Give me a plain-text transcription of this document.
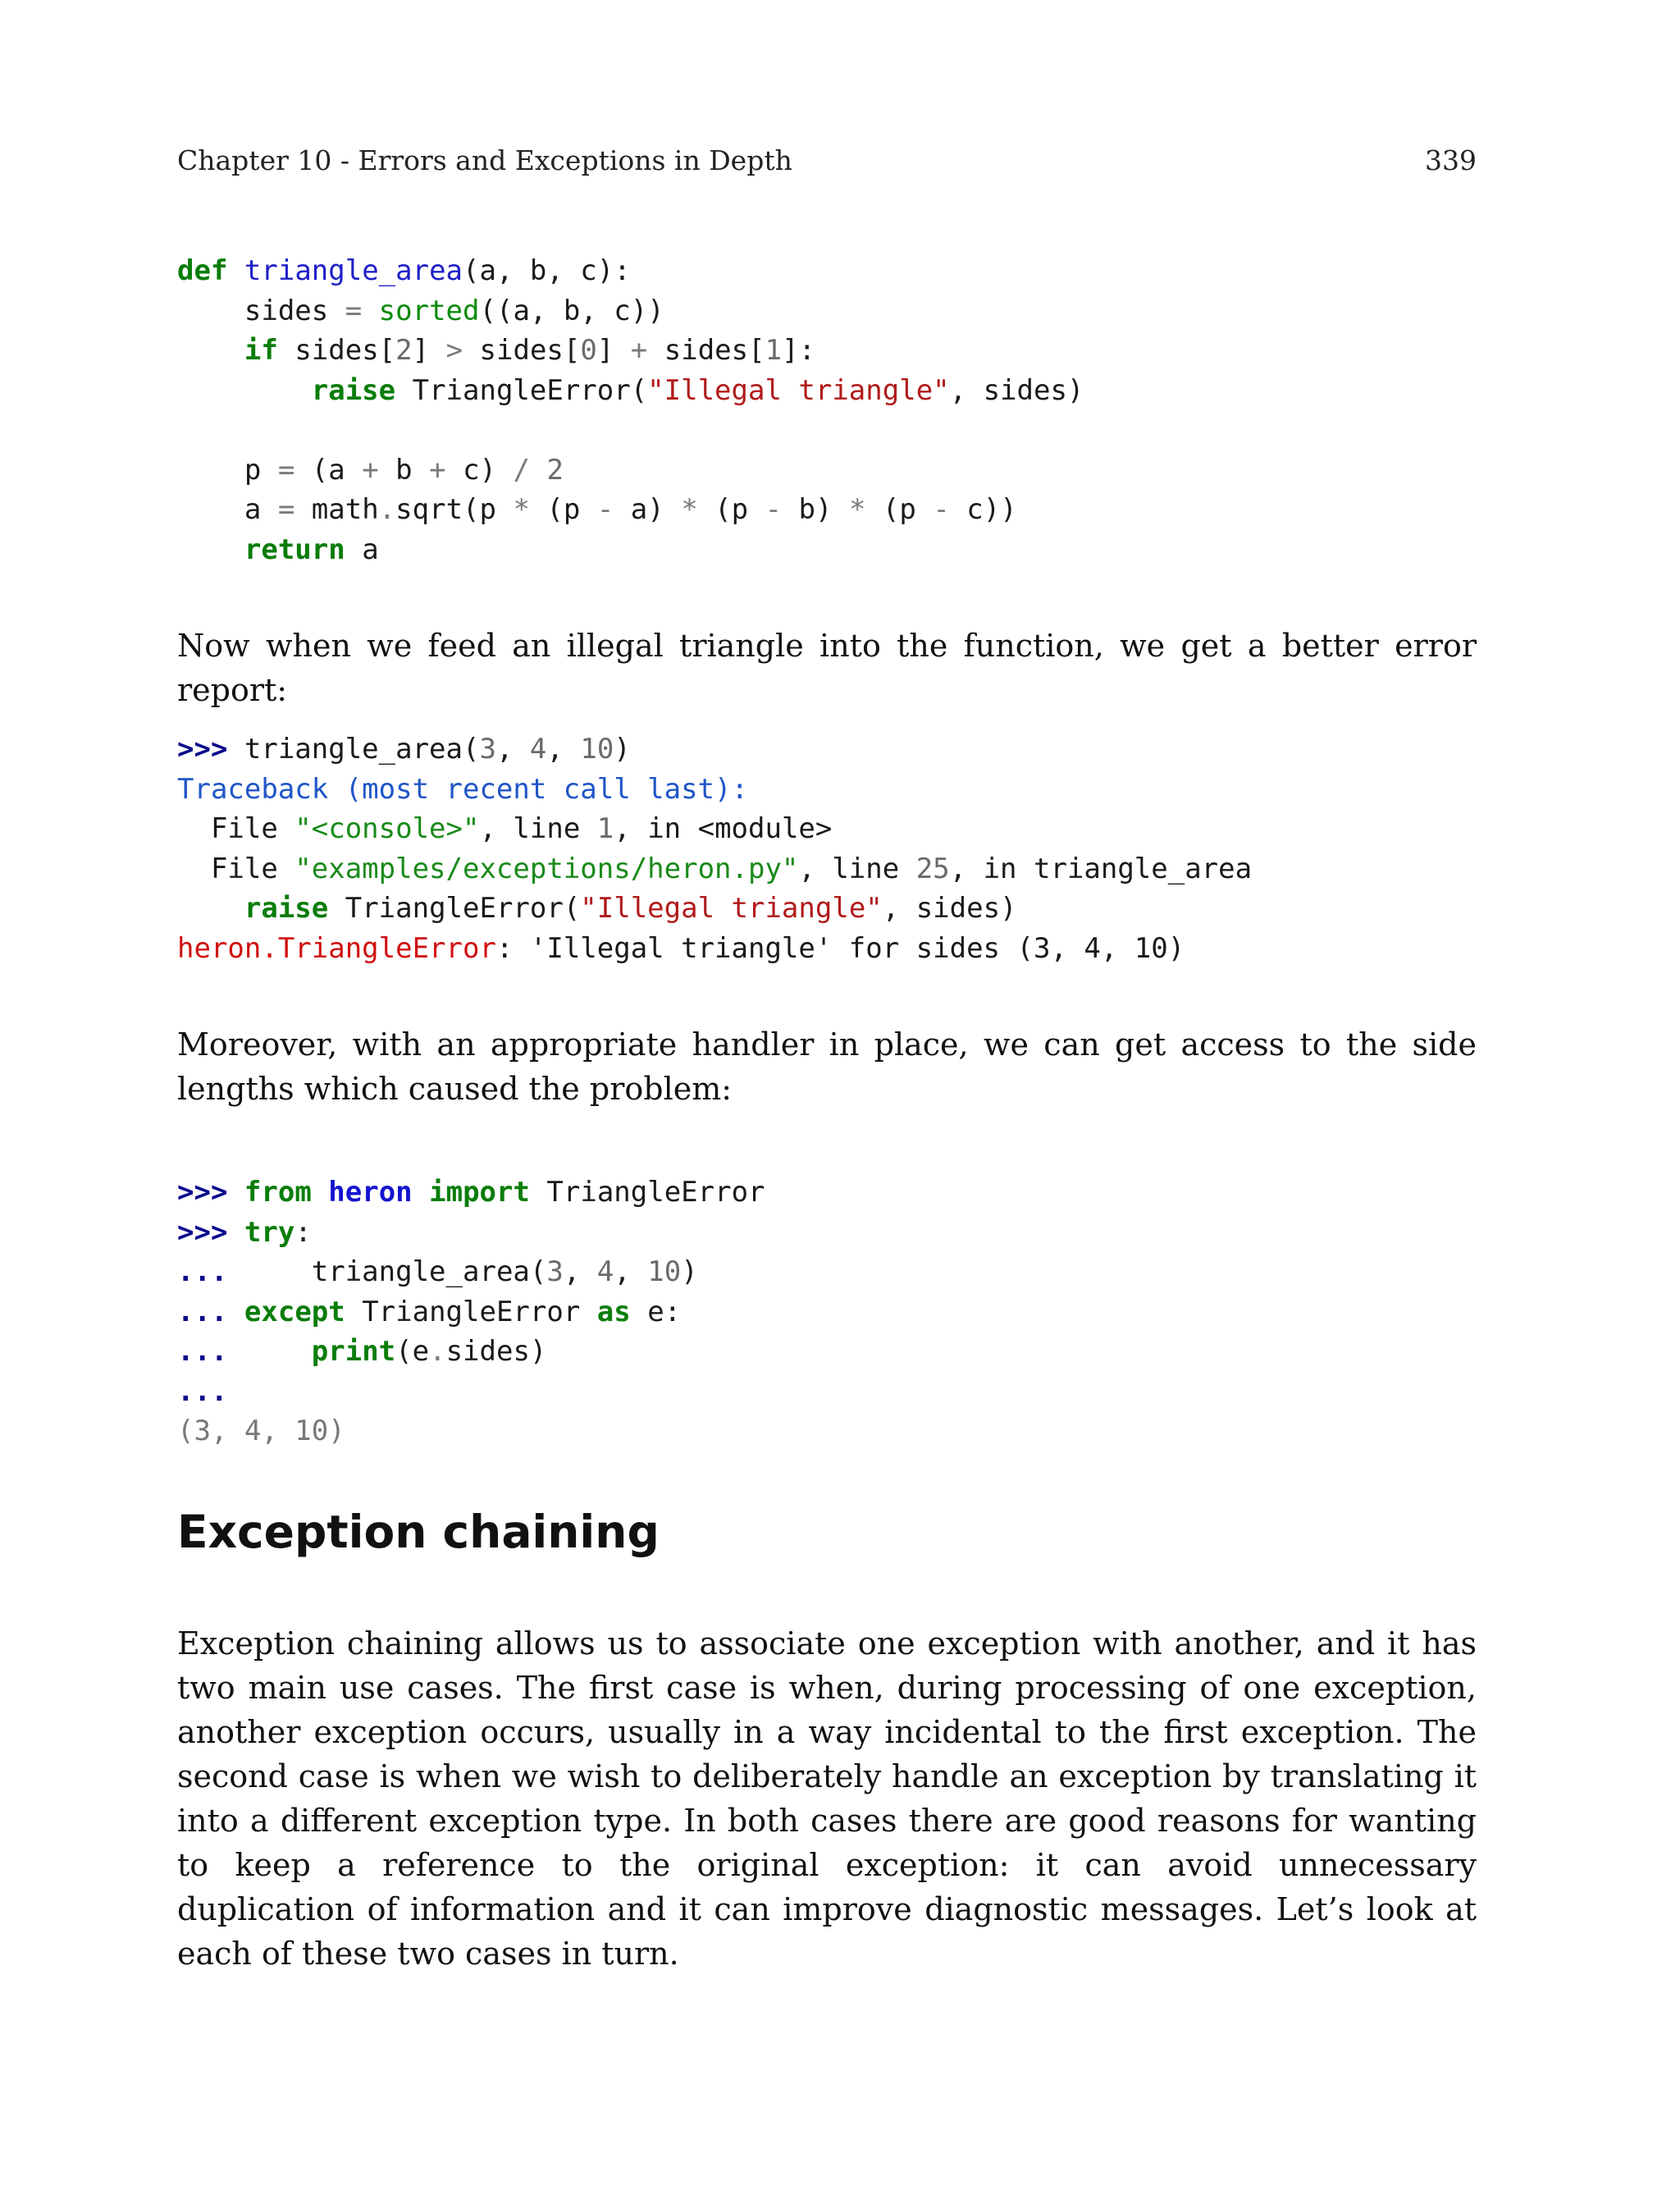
Chapter 10 - Errors and Exceptions in Depth	339
def triangle_area(a, b, c):
sides = sorted((a, b, c))
if sides[2] > sides[0] + sides[1]:
raise TriangleError("Illegal triangle", sides)
p = (a + b + c) / 2
a = math.sqrt(p * (p - a) * (p - b) * (p - c))
return a

Now when we feed an illegal triangle into the function, we get a better error report:

>>> triangle_area(3, 4, 10)
Traceback (most recent call last):
File "<console>", line 1, in <module>
File "examples/exceptions/heron.py", line 25, in triangle_area
raise TriangleError("Illegal triangle", sides)
heron.TriangleError: 'Illegal triangle' for sides (3, 4, 10)

Moreover, with an appropriate handler in place, we can get access to the side lengths which caused the problem:

>>> from heron import TriangleError
>>> try:
...     triangle_area(3, 4, 10)
... except TriangleError as e:
...	print(e.sides)
...
(3, 4, 10)
Exception chaining

Exception chaining allows us to associate one exception with another, and it has two main use cases. The first case is when, during processing of one exception, another exception occurs, usually in a way incidental to the first exception. The second case is when we wish to deliberately handle an exception by translating it into a different exception type. In both cases there are good reasons for wanting to keep a reference to the original exception: it can avoid unnecessary duplication of information and it can improve diagnostic messages. Let’s look at each of these two cases in turn.
